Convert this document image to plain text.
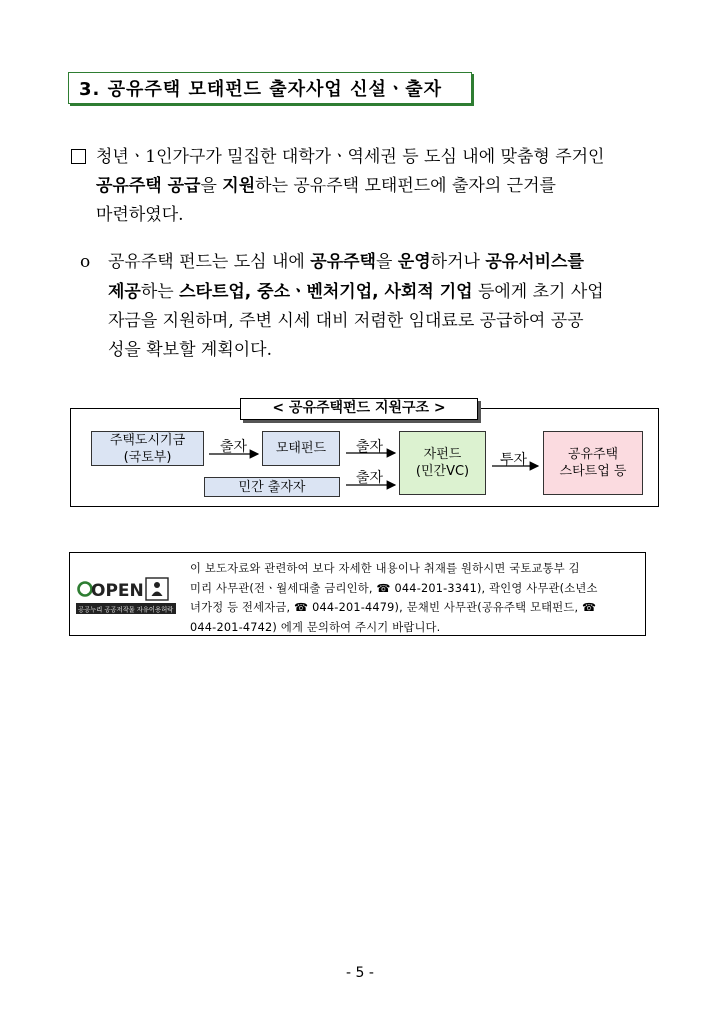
3. 공유주택 모태펀드 출자사업 신설ㆍ출자
청년ㆍ1인가구가 밀집한 대학가ㆍ역세권 등 도심 내에 맞춤형 주거인
공유주택 공급을 지원하는 공유주택 모태펀드에 출자의 근거를
마련하였다.
o 공유주택 펀드는 도심 내에 공유주택을 운영하거나 공유서비스를
제공하는 스타트업, 중소ㆍ벤처기업, 사회적 기업 등에게 초기 사업
자금을 지원하며, 주변 시세 대비 저렴한 임대료로 공급하여 공공
성을 확보할 계획이다.
< 공유주택펀드 지원구조 >
주택도시기금
(국토부)
모태펀드
민간 출자자
자펀드
(민간VC)
공유주택
스타트업 등
출자	출자
출자
투자
OPEN
공공누리 공공저작물 자유이용허락
이 보도자료와 관련하여 보다 자세한 내용이나 취재를 원하시면 국토교통부 김
미리 사무관(전ㆍ월세대출 금리인하, ☎ 044-201-3341), 곽인영 사무관(소년소
녀가정 등 전세자금, ☎ 044-201-4479), 문채빈 사무관(공유주택 모태펀드, ☎
044-201-4742) 에게 문의하여 주시기 바랍니다.
- 5 -
